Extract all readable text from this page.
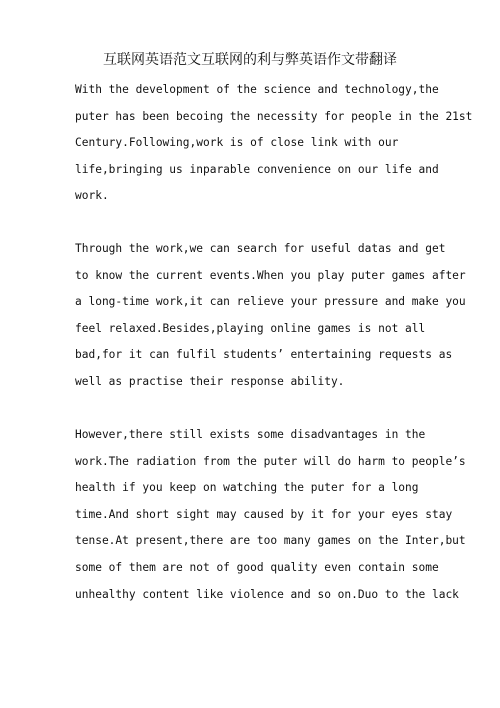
互联网英语范文互联网的利与弊英语作文带翻译
With the development of the science and technology,the
puter has been becoing the necessity for people in the 21st
Century.Following,work is of close link with our
life,bringing us inparable convenience on our life and
work.
Through the work,we can search for useful datas and get
to know the current events.When you play puter games after
a long-time work,it can relieve your pressure and make you
feel relaxed.Besides,playing online games is not all
bad,for it can fulfil students’ entertaining requests as
well as practise their response ability.
However,there still exists some disadvantages in the
work.The radiation from the puter will do harm to people’s
health if you keep on watching the puter for a long
time.And short sight may caused by it for your eyes stay
tense.At present,there are too many games on the Inter,but
some of them are not of good quality even contain some
unhealthy content like violence and so on.Duo to the lack
